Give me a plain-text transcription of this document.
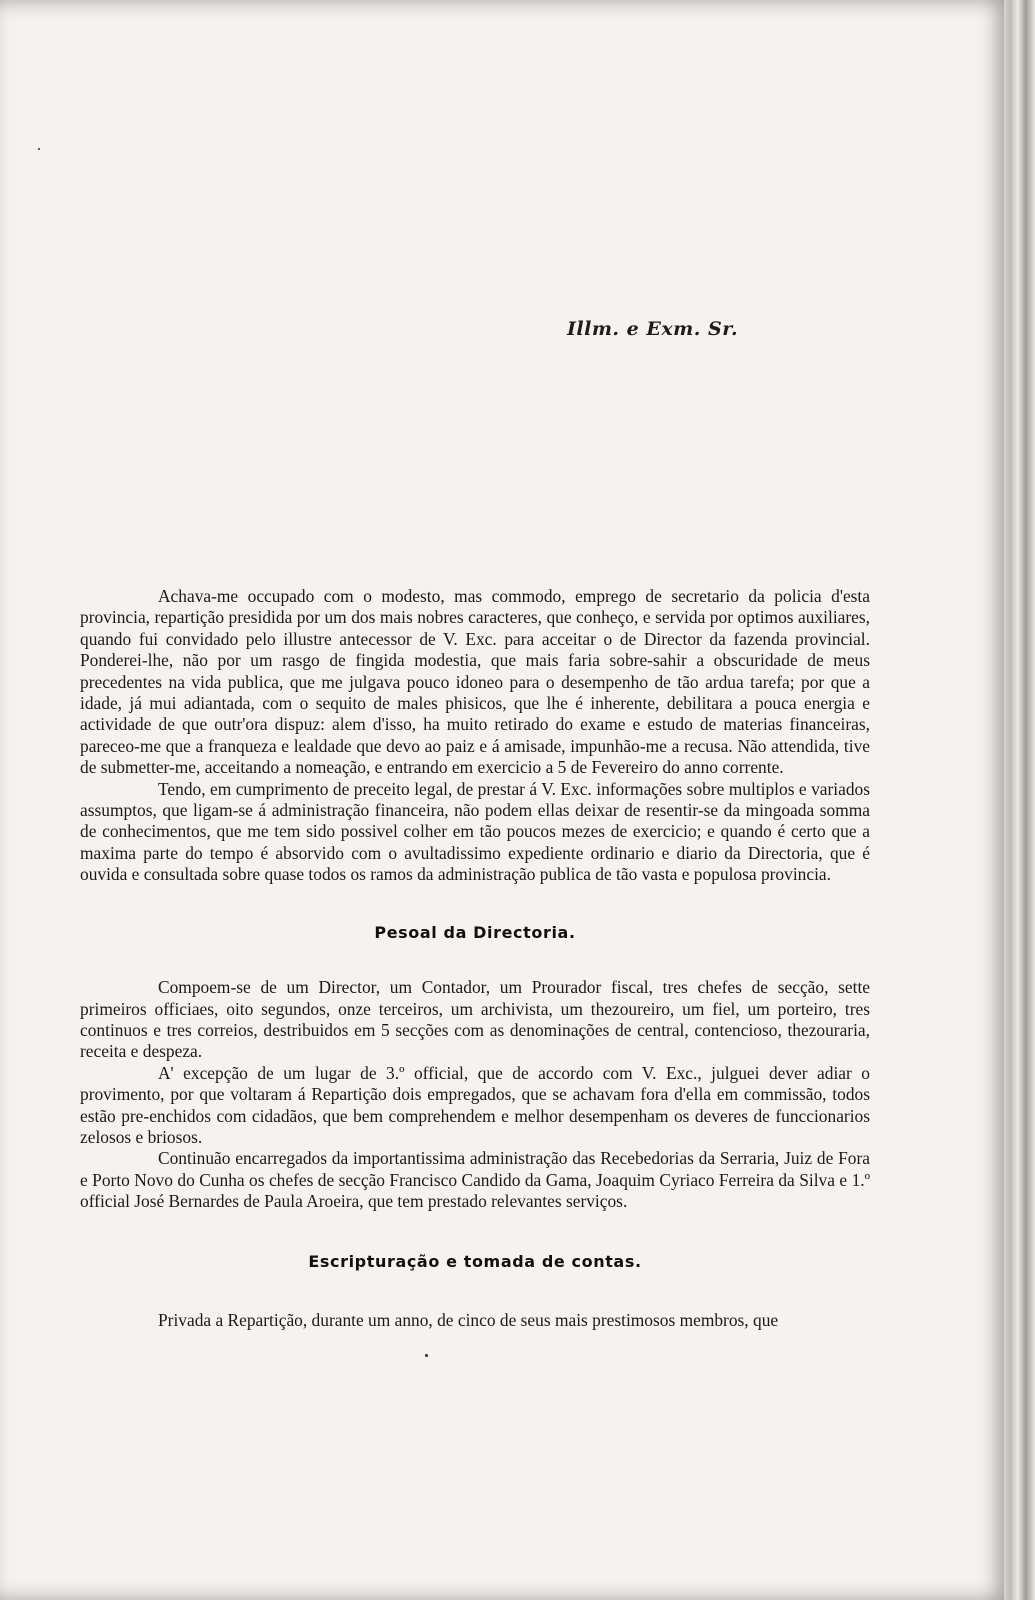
Illm. e Exm. Sr.

Achava-me occupado com o modesto, mas commodo, emprego de secretario da policia d'esta provincia, repartição presidida por um dos mais nobres caracteres, que conheço, e servida por optimos auxiliares, quando fui convidado pelo illustre antecessor de V. Exc. para acceitar o de Director da fazenda provincial. Ponderei-lhe, não por um rasgo de fingida modestia, que mais faria sobre-sahir a obscuridade de meus precedentes na vida publica, que me julgava pouco idoneo para o desempenho de tão ardua tarefa; por que a idade, já mui adiantada, com o sequito de males phisicos, que lhe é inherente, debilitara a pouca energia e actividade de que outr'ora dispuz: alem d'isso, ha muito retirado do exame e estudo de materias financeiras, pareceo-me que a franqueza e lealdade que devo ao paiz e á amisade, impunhão-me a recusa. Não attendida, tive de submetter-me, acceitando a nomeação, e entrando em exercicio a 5 de Fevereiro do anno corrente.

Tendo, em cumprimento de preceito legal, de prestar á V. Exc. informações sobre multiplos e variados assumptos, que ligam-se á administração financeira, não podem ellas deixar de resentir-se da mingoada somma de conhecimentos, que me tem sido possivel colher em tão poucos mezes de exercicio; e quando é certo que a maxima parte do tempo é absorvido com o avultadissimo expediente ordinario e diario da Directoria, que é ouvida e consultada sobre quase todos os ramos da administração publica de tão vasta e populosa provincia.

Pesoal da Directoria.

Compoem-se de um Director, um Contador, um Prourador fiscal, tres chefes de secção, sette primeiros officiaes, oito segundos, onze terceiros, um archivista, um thezoureiro, um fiel, um porteiro, tres continuos e tres correios, destribuidos em 5 secções com as denominações de central, contencioso, thezouraria, receita e despeza.

A' excepção de um lugar de 3.º official, que de accordo com V. Exc., julguei dever adiar o provimento, por que voltaram á Repartição dois empregados, que se achavam fora d'ella em commissão, todos estão pre-enchidos com cidadãos, que bem comprehendem e melhor desempenham os deveres de funccionarios zelosos e briosos.

Continuão encarregados da importantissima administração das Recebedorias da Serraria, Juiz de Fora e Porto Novo do Cunha os chefes de secção Francisco Candido da Gama, Joaquim Cyriaco Ferreira da Silva e 1.º official José Bernardes de Paula Aroeira, que tem prestado relevantes serviços.

Escripturação e tomada de contas.

Privada a Repartição, durante um anno, de cinco de seus mais prestimosos membros, que
